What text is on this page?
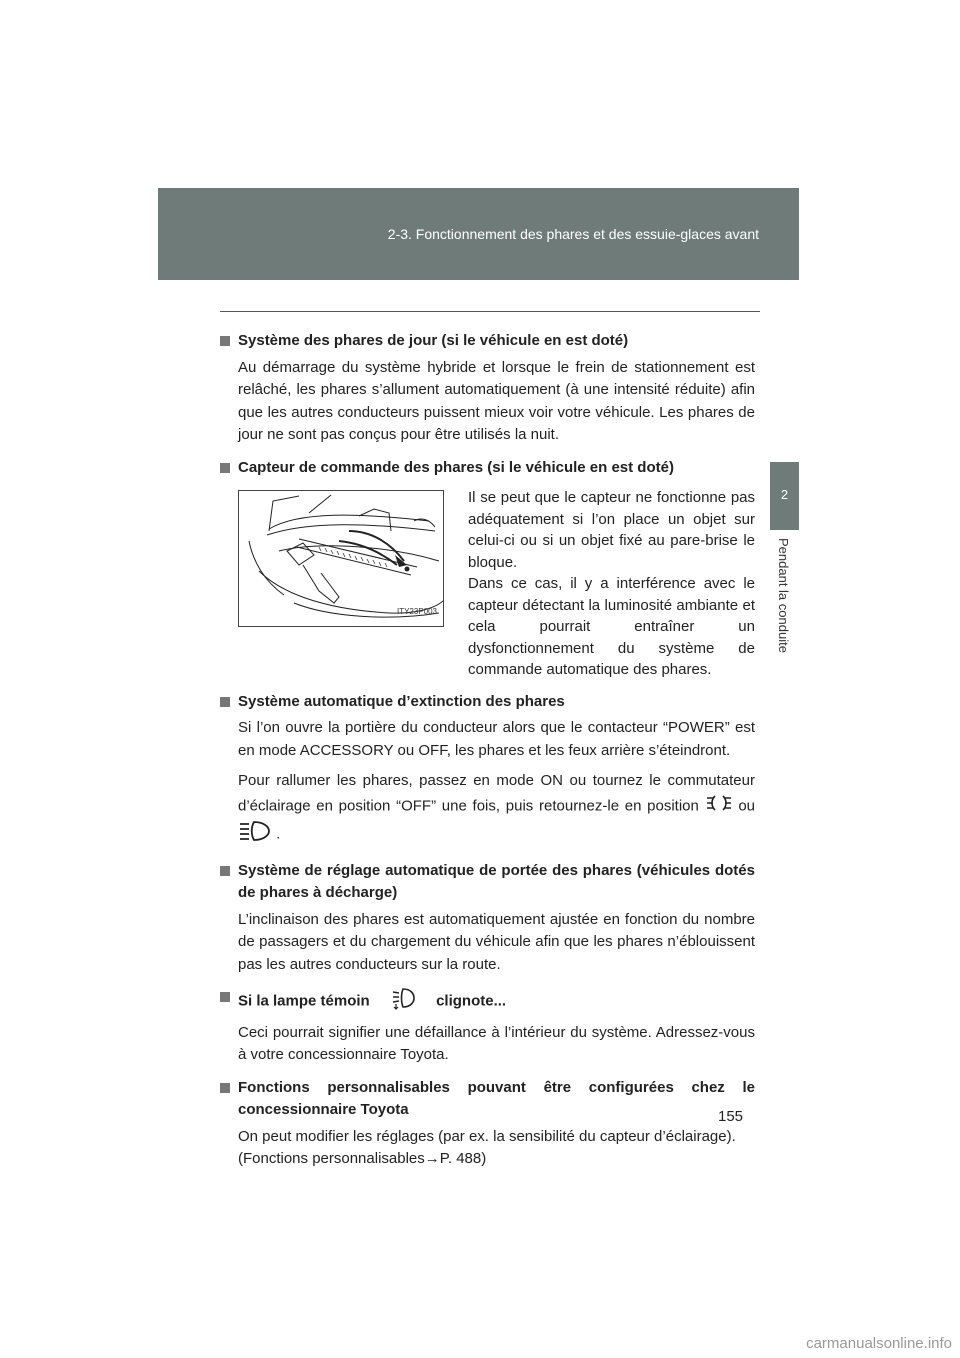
2-3. Fonctionnement des phares et des essuie-glaces avant
2
Pendant la conduite
Système des phares de jour (si le véhicule en est doté)
Au démarrage du système hybride et lorsque le frein de stationnement est relâché, les phares s’allument automatiquement (à une intensité réduite) afin que les autres conducteurs puissent mieux voir votre véhicule. Les phares de jour ne sont pas conçus pour être utilisés la nuit.
Capteur de commande des phares (si le véhicule en est doté)
ITY23P003
Il se peut que le capteur ne fonctionne pas adéquatement si l’on place un objet sur celui-ci ou si un objet fixé au pare-brise le bloque.
Dans ce cas, il y a interférence avec le capteur détectant la luminosité ambiante et cela pourrait entraîner un dysfonctionnement du système de commande automatique des phares.
Système automatique d’extinction des phares
Si l’on ouvre la portière du conducteur alors que le contacteur “POWER” est en mode ACCESSORY ou OFF, les phares et les feux arrière s’éteindront.
Pour rallumer les phares, passez en mode ON ou tournez le commutateur d’éclairage en position “OFF” une fois, puis retournez-le en position	ou  .
Système de réglage automatique de portée des phares (véhicules dotés de phares à décharge)
L’inclinaison des phares est automatiquement ajustée en fonction du nombre de passagers et du chargement du véhicule afin que les phares n’éblouissent pas les autres conducteurs sur la route.
Si la lampe témoin	clignote...
Ceci pourrait signifier une défaillance à l’intérieur du système. Adressez-vous à votre concessionnaire Toyota.
Fonctions personnalisables pouvant être configurées chez le concessionnaire Toyota
On peut modifier les réglages (par ex. la sensibilité du capteur d’éclairage).
(Fonctions personnalisables→P. 488)
155
carmanualsonline.info
